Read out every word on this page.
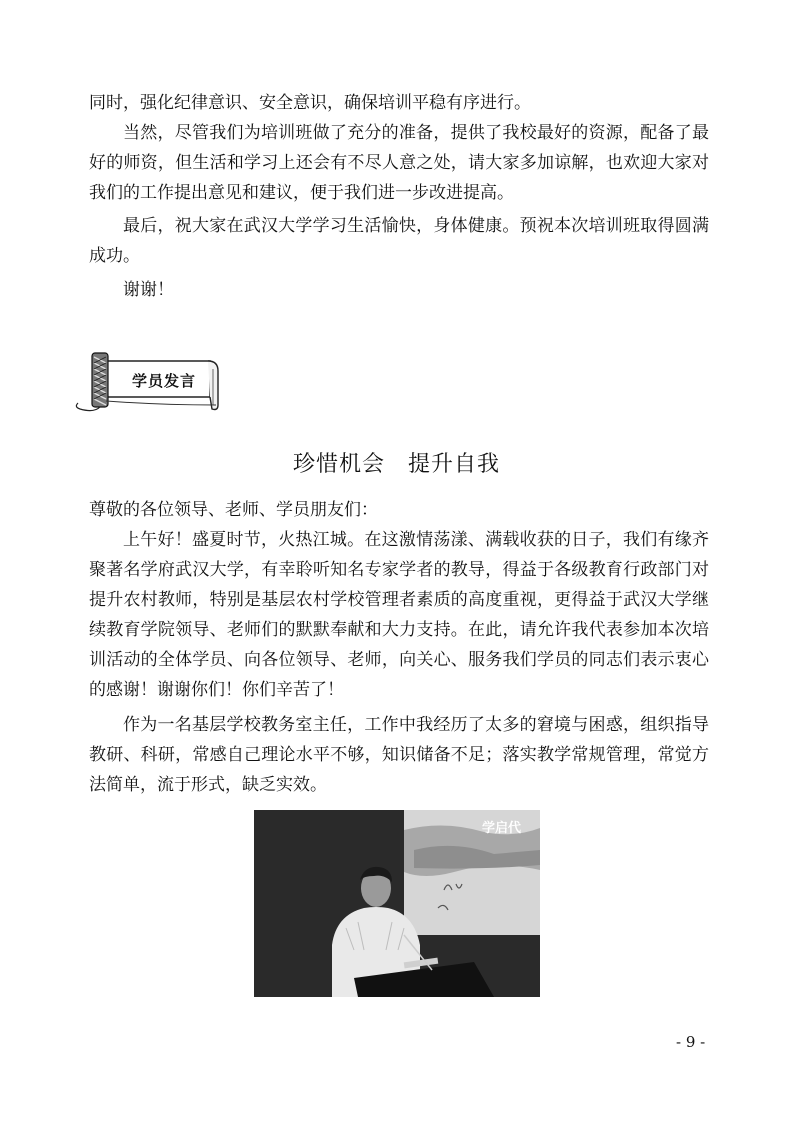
同时，强化纪律意识、安全意识，确保培训平稳有序进行。
当然，尽管我们为培训班做了充分的准备，提供了我校最好的资源，配备了最好的师资，但生活和学习上还会有不尽人意之处，请大家多加谅解，也欢迎大家对我们的工作提出意见和建议，便于我们进一步改进提高。
最后，祝大家在武汉大学学习生活愉快，身体健康。预祝本次培训班取得圆满成功。
谢谢！
学员发言
珍惜机会　提升自我
尊敬的各位领导、老师、学员朋友们：
上午好！盛夏时节，火热江城。在这激情荡漾、满载收获的日子，我们有缘齐聚著名学府武汉大学，有幸聆听知名专家学者的教导，得益于各级教育行政部门对提升农村教师，特别是基层农村学校管理者素质的高度重视，更得益于武汉大学继续教育学院领导、老师们的默默奉献和大力支持。在此，请允许我代表参加本次培训活动的全体学员、向各位领导、老师，向关心、服务我们学员的同志们表示衷心的感谢！谢谢你们！你们辛苦了！
作为一名基层学校教务室主任，工作中我经历了太多的窘境与困惑，组织指导教研、科研，常感自己理论水平不够，知识储备不足；落实教学常规管理，常觉方法简单，流于形式，缺乏实效。
学启代
- 9 -
